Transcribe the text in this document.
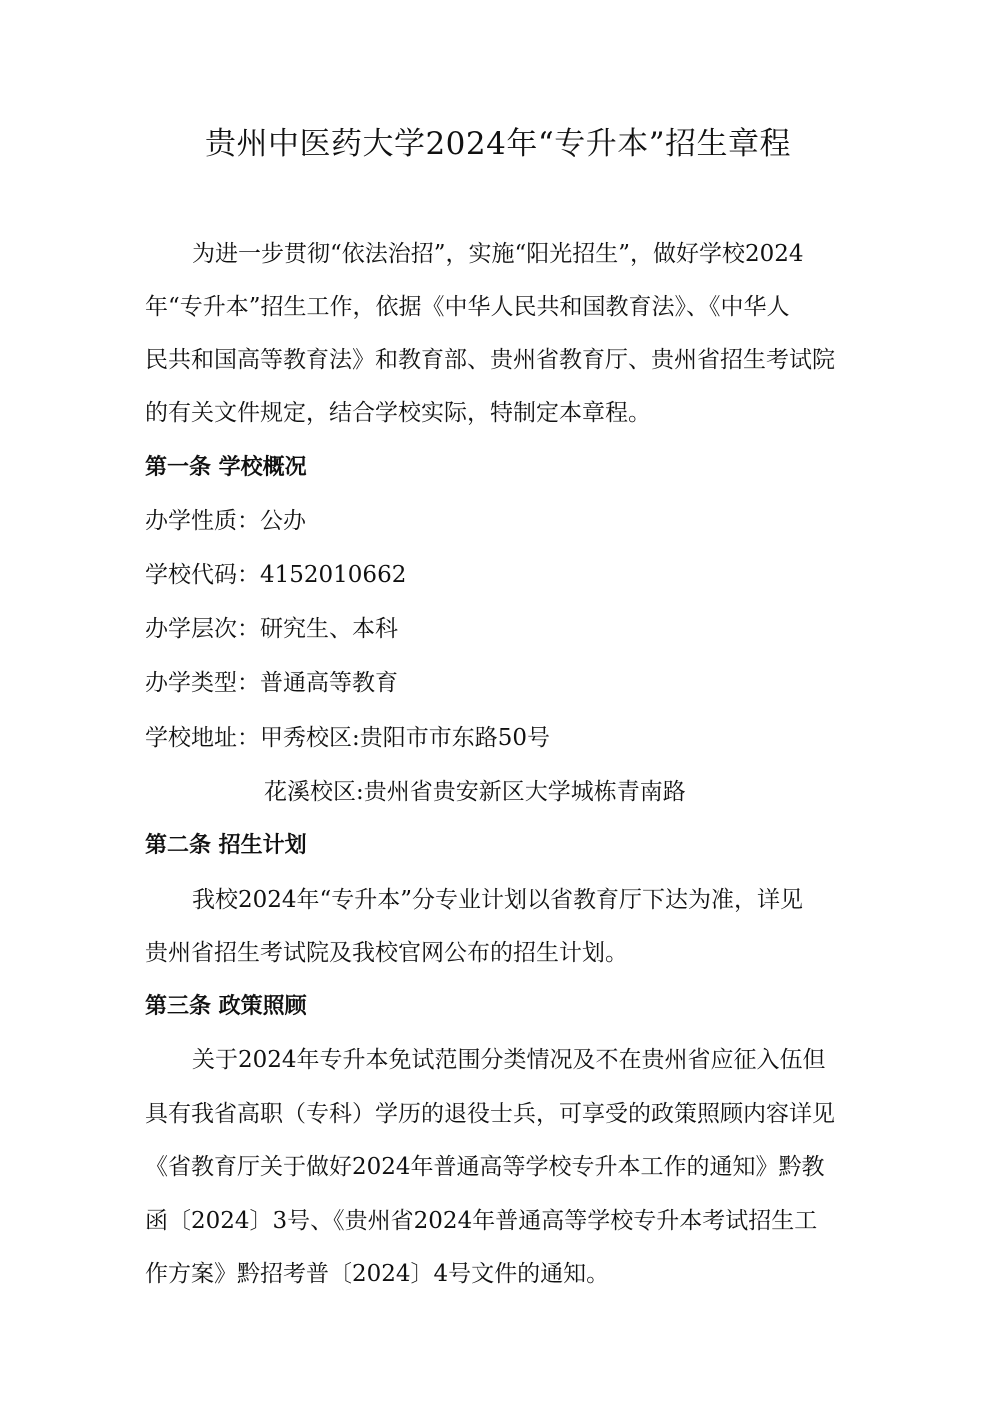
贵州中医药大学2024年“专升本”招生章程
为进一步贯彻“依法治招”，实施“阳光招生”，做好学校2024
年“专升本”招生工作，依据《中华人民共和国教育法》、《中华人
民共和国高等教育法》和教育部、贵州省教育厅、贵州省招生考试院
的有关文件规定，结合学校实际，特制定本章程。
第一条 学校概况
办学性质：公办
学校代码：4152010662
办学层次：研究生、本科
办学类型：普通高等教育
学校地址：甲秀校区:贵阳市市东路50号
花溪校区:贵州省贵安新区大学城栋青南路
第二条 招生计划
我校2024年“专升本”分专业计划以省教育厅下达为准，详见
贵州省招生考试院及我校官网公布的招生计划。
第三条 政策照顾
关于2024年专升本免试范围分类情况及不在贵州省应征入伍但
具有我省高职（专科）学历的退役士兵，可享受的政策照顾内容详见
《省教育厅关于做好2024年普通高等学校专升本工作的通知》黔教
函〔2024〕3号、《贵州省2024年普通高等学校专升本考试招生工
作方案》黔招考普〔2024〕4号文件的通知。
